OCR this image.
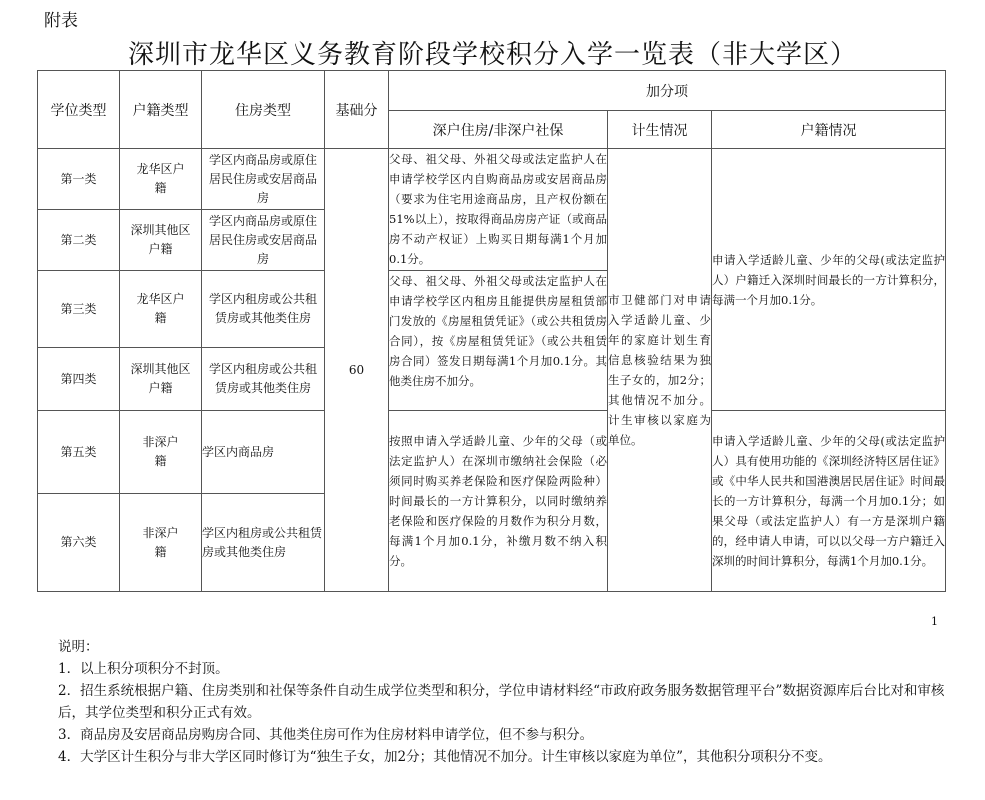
附表
深圳市龙华区义务教育阶段学校积分入学一览表（非大学区）
学位类型	户籍类型	住房类型	基础分	加分项		
				深户住房/非深户社保	计生情况	户籍情况
第一类	龙华区户籍	学区内商品房或原住居民住房或安居商品房	60	父母、祖父母、外祖父母或法定监护人在申请学校学区内自购商品房或安居商品房（要求为住宅用途商品房，且产权份额在51%以上），按取得商品房房产证（或商品房不动产权证）上购买日期每满1个月加0.1分。	市卫健部门对申请入学适龄儿童、少年的家庭计划生育信息核验结果为独生子女的，加2分；其他情况不加分。计生审核以家庭为单位。	申请入学适龄儿童、少年的父母(或法定监护人）户籍迁入深圳时间最长的一方计算积分，每满一个月加0.1分。
第二类	深圳其他区户籍	学区内商品房或原住居民住房或安居商品房				
第三类	龙华区户籍	学区内租房或公共租赁房或其他类住房		父母、祖父母、外祖父母或法定监护人在申请学校学区内租房且能提供房屋租赁部门发放的《房屋租赁凭证》（或公共租赁房合同），按《房屋租赁凭证》（或公共租赁房合同）签发日期每满1个月加0.1分。其他类住房不加分。		
第四类	深圳其他区户籍	学区内租房或公共租赁房或其他类住房				
第五类	非深户籍	学区内商品房		按照申请入学适龄儿童、少年的父母（或法定监护人）在深圳市缴纳社会保险（必须同时购买养老保险和医疗保险两险种）时间最长的一方计算积分，以同时缴纳养老保险和医疗保险的月数作为积分月数，每满1个月加0.1分，补缴月数不纳入积分。		申请入学适龄儿童、少年的父母(或法定监护人）具有使用功能的《深圳经济特区居住证》或《中华人民共和国港澳居民居住证》时间最长的一方计算积分，每满一个月加0.1分；如果父母（或法定监护人）有一方是深圳户籍的，经申请人申请，可以以父母一方户籍迁入深圳的时间计算积分，每满1个月加0.1分。
第六类	非深户籍	学区内租房或公共租赁房或其他类住房				
1

说明：

1．以上积分项积分不封顶。

2．招生系统根据户籍、住房类别和社保等条件自动生成学位类型和积分，学位申请材料经“市政府政务服务数据管理平台”数据资源库后台比对和审核后，其学位类型和积分正式有效。

3．商品房及安居商品房购房合同、其他类住房可作为住房材料申请学位，但不参与积分。

4．大学区计生积分与非大学区同时修订为“独生子女，加2分；其他情况不加分。计生审核以家庭为单位”，其他积分项积分不变。
